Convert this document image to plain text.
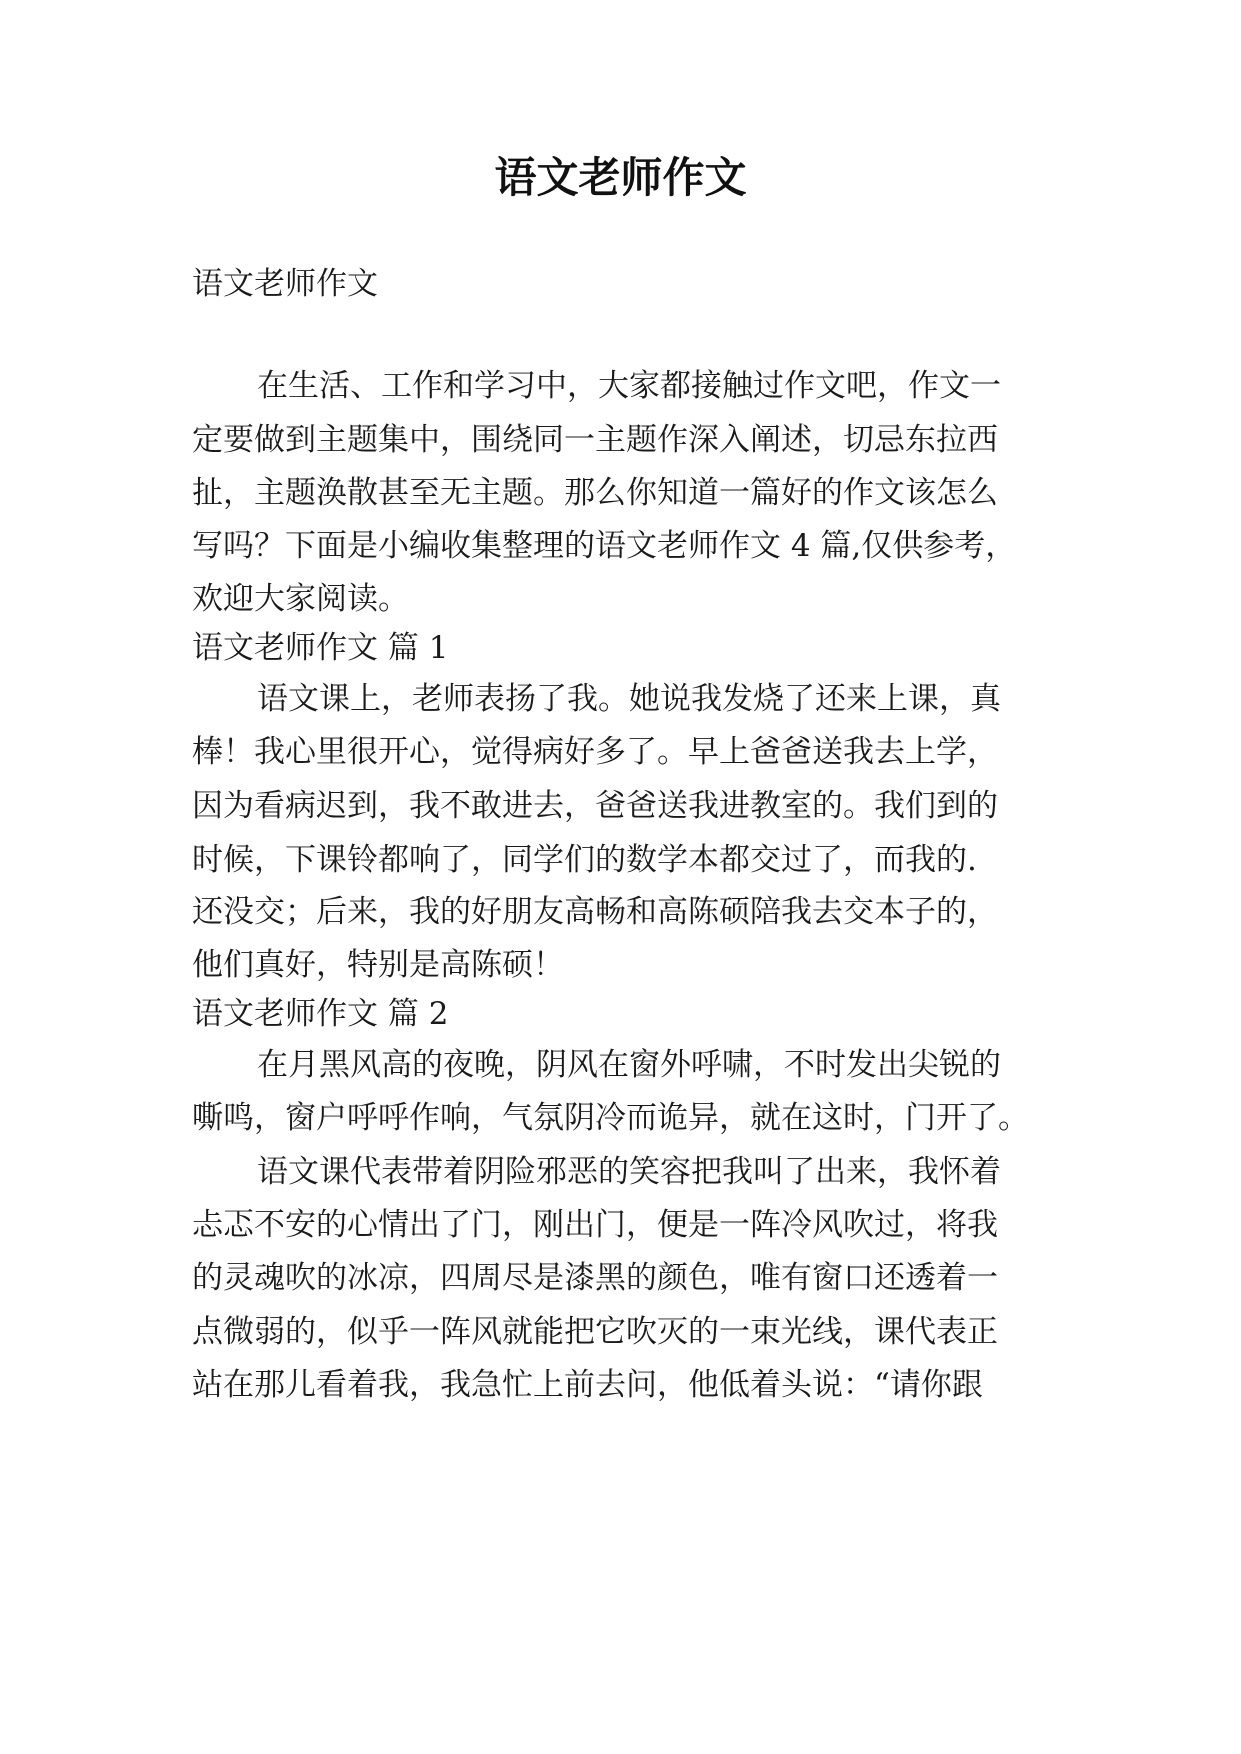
语文老师作文

语文老师作文

在生活、工作和学习中，大家都接触过作文吧，作文一

定要做到主题集中，围绕同一主题作深入阐述，切忌东拉西

扯，主题涣散甚至无主题。那么你知道一篇好的作文该怎么

写吗？下面是小编收集整理的语文老师作文 4 篇,仅供参考，

欢迎大家阅读。

语文老师作文 篇 1

语文课上，老师表扬了我。她说我发烧了还来上课，真

棒！我心里很开心，觉得病好多了。早上爸爸送我去上学，

因为看病迟到，我不敢进去，爸爸送我进教室的。我们到的

时候，下课铃都响了，同学们的数学本都交过了，而我的.

还没交；后来，我的好朋友高畅和高陈硕陪我去交本子的，

他们真好，特别是高陈硕！

语文老师作文 篇 2

在月黑风高的夜晚，阴风在窗外呼啸，不时发出尖锐的

嘶鸣，窗户呼呼作响，气氛阴冷而诡异，就在这时，门开了。

语文课代表带着阴险邪恶的笑容把我叫了出来，我怀着

忐忑不安的心情出了门，刚出门，便是一阵冷风吹过，将我

的灵魂吹的冰凉，四周尽是漆黑的颜色，唯有窗口还透着一

点微弱的，似乎一阵风就能把它吹灭的一束光线，课代表正

站在那儿看着我，我急忙上前去问，他低着头说：“请你跟
